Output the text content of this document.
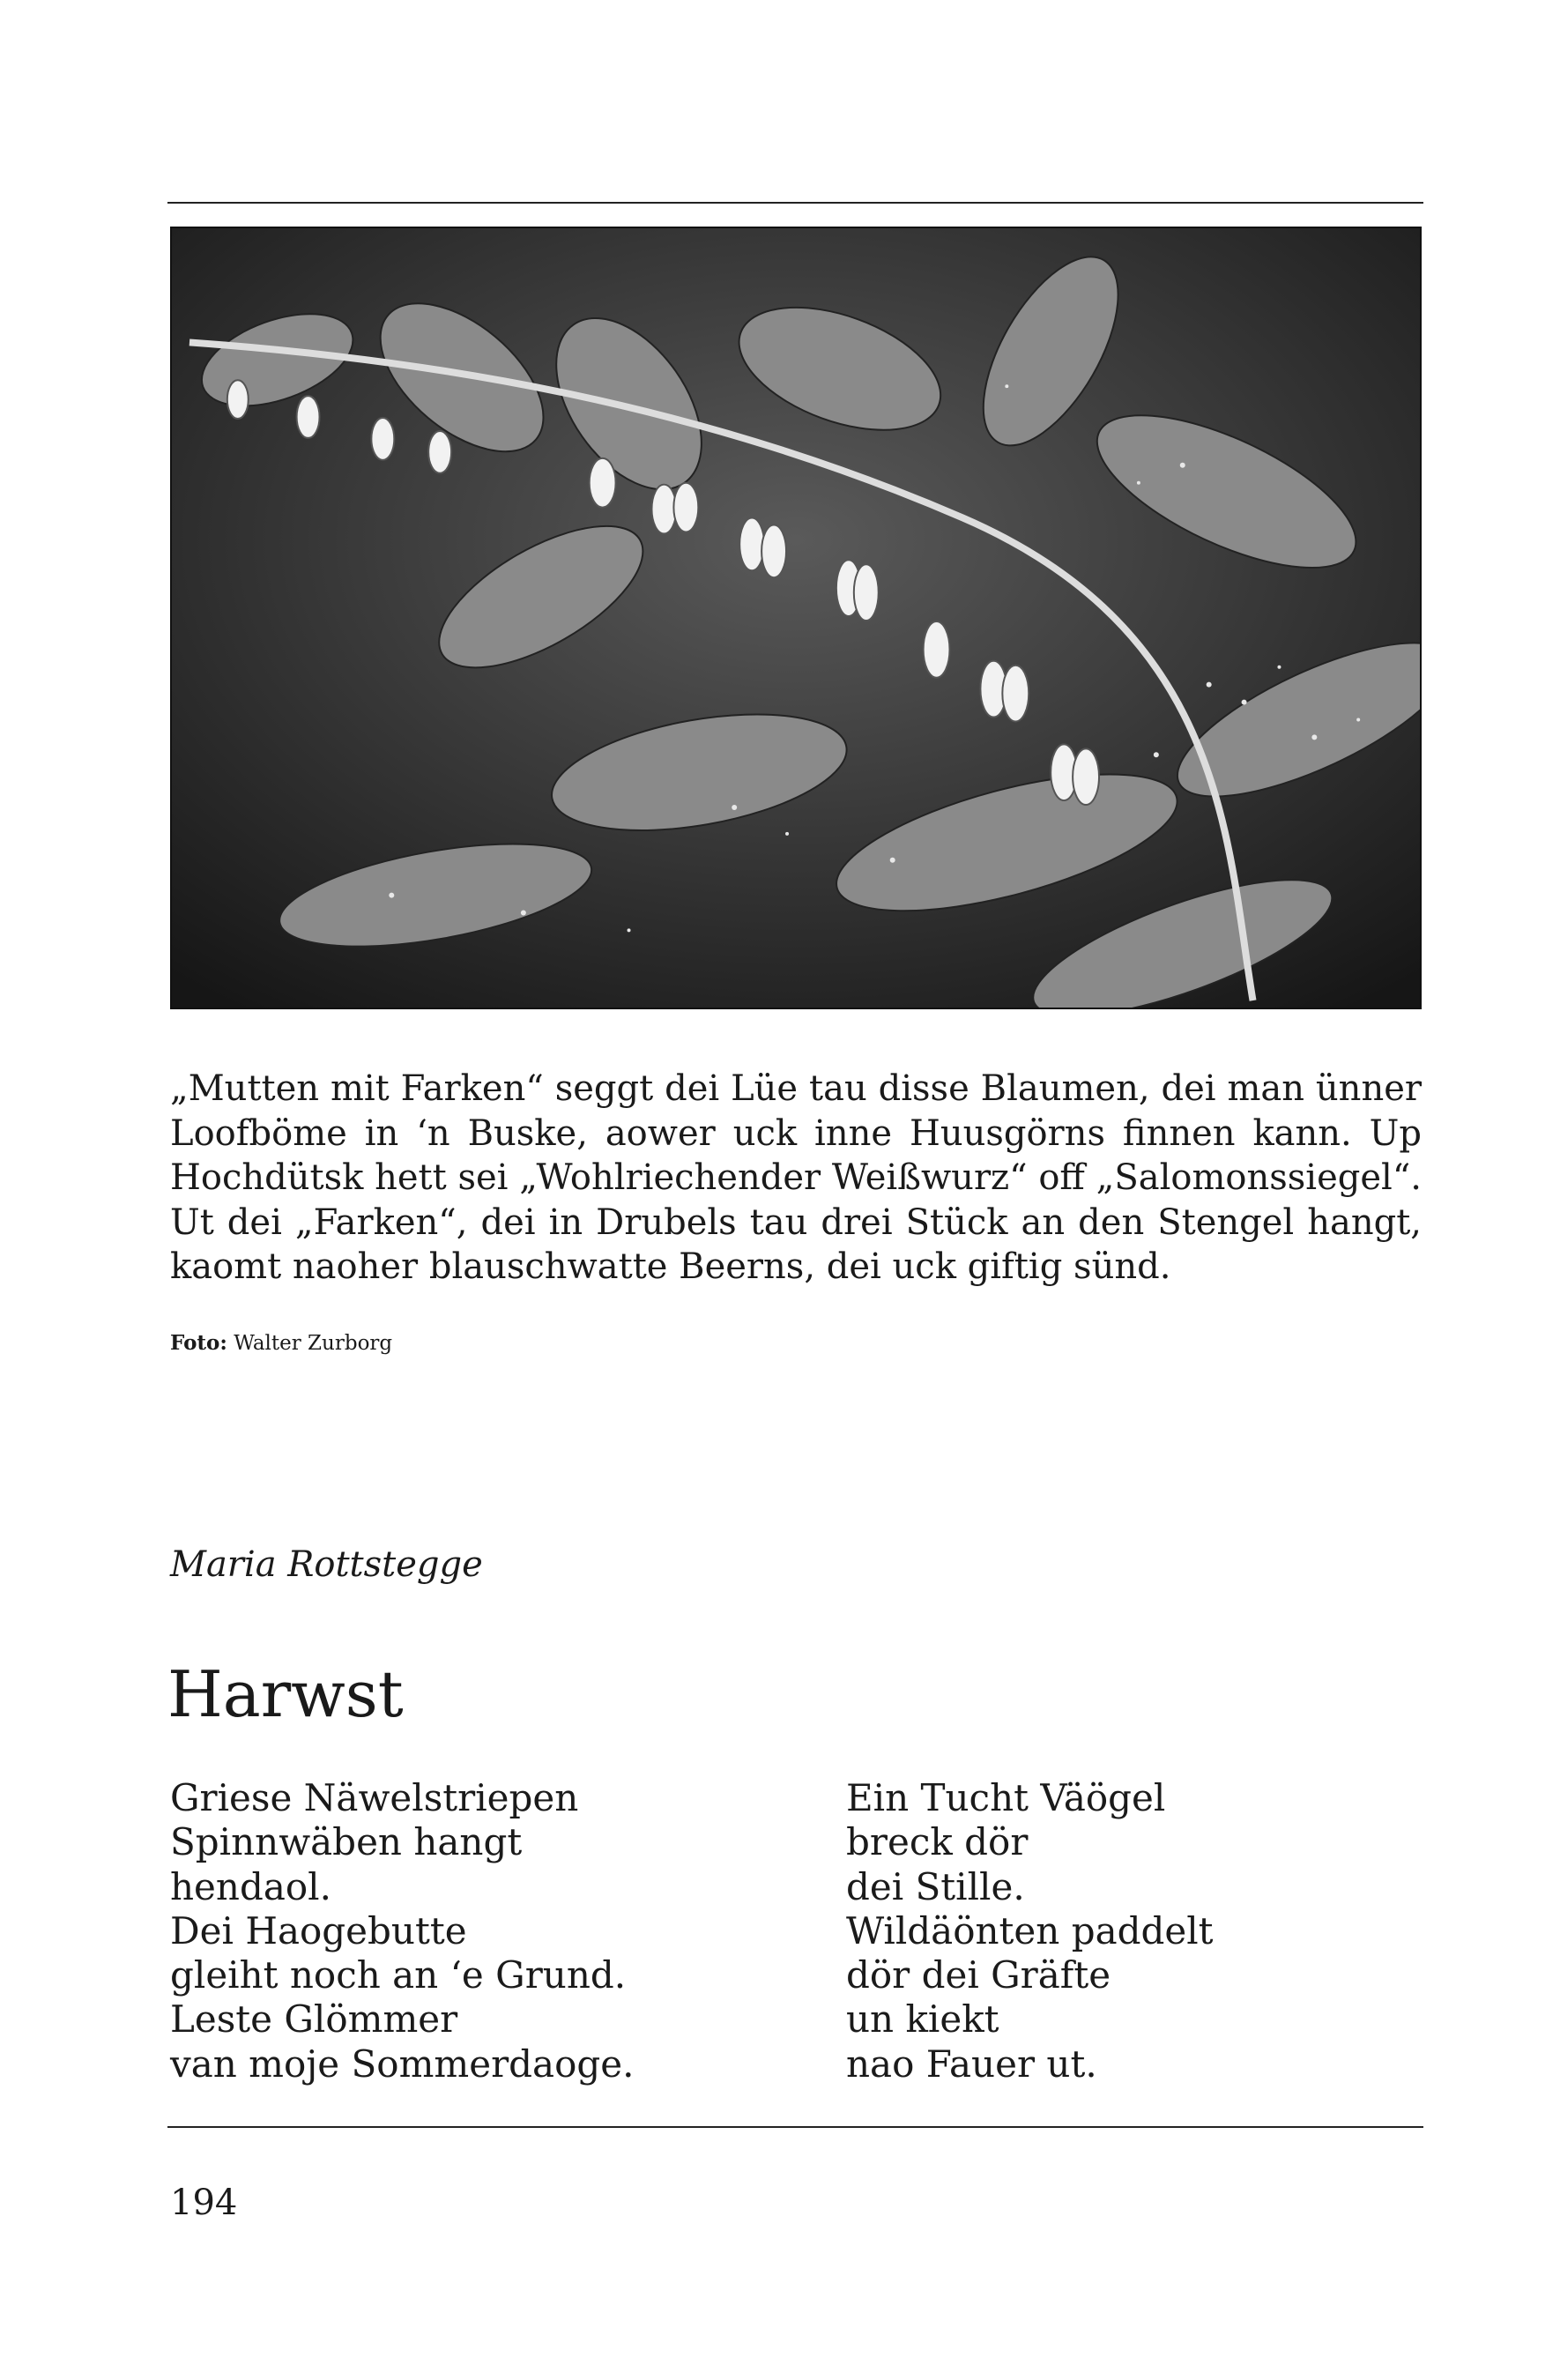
„Mutten mit Farken“ seggt dei Lüe tau disse Blaumen, dei man ünner Loofböme in ‘n Buske, aower uck inne Huusgörns finnen kann. Up Hochdütsk hett sei „Wohlriechender Weißwurz“ off „Salomonssiegel“. Ut dei „Farken“, dei in Drubels tau drei Stück an den Stengel hangt, kaomt naoher blauschwatte Beerns, dei uck giftig sünd.

Foto: Walter Zurborg
Maria Rottstegge
Harwst
Griese Näwelstriepen
Spinnwäben hangt
hendaol.
Dei Haogebutte
gleiht noch an ‘e Grund.
Leste Glömmer
van moje Sommerdaoge.
Ein Tucht Väögel
breck dör
dei Stille.
Wildäönten paddelt
dör dei Gräfte
un kiekt
nao Fauer ut.
194
